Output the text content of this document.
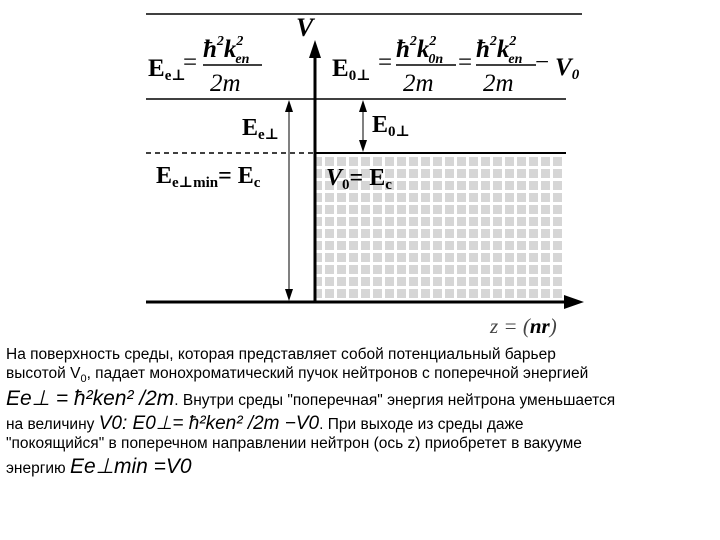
V
z = (nr)
Ee⊥
= $ħ^2k^2$ en
2m
E0⊥ = $ħ^2k^2$ 0n
2m
= $ħ^2k^2$ en
2m
− V0
Ee⊥	E0⊥
Ee⊥min= Ec	V0= Ec

На поверхность среды, которая представляет собой потенциальный барьер

высотой $V_0$, падает монохроматический пучок нейтронов с поперечной энергией

Ee⊥ = ħ²ken² /2m. Внутри среды "поперечная" энергия нейтрона уменьшается

на величину V0: E0⊥= ħ²ken² /2m −V0. При выходе из среды даже

"покоящийся" в поперечном направлении нейтрон (ось z) приобретет в вакууме

энергию Ee⊥min =V0
